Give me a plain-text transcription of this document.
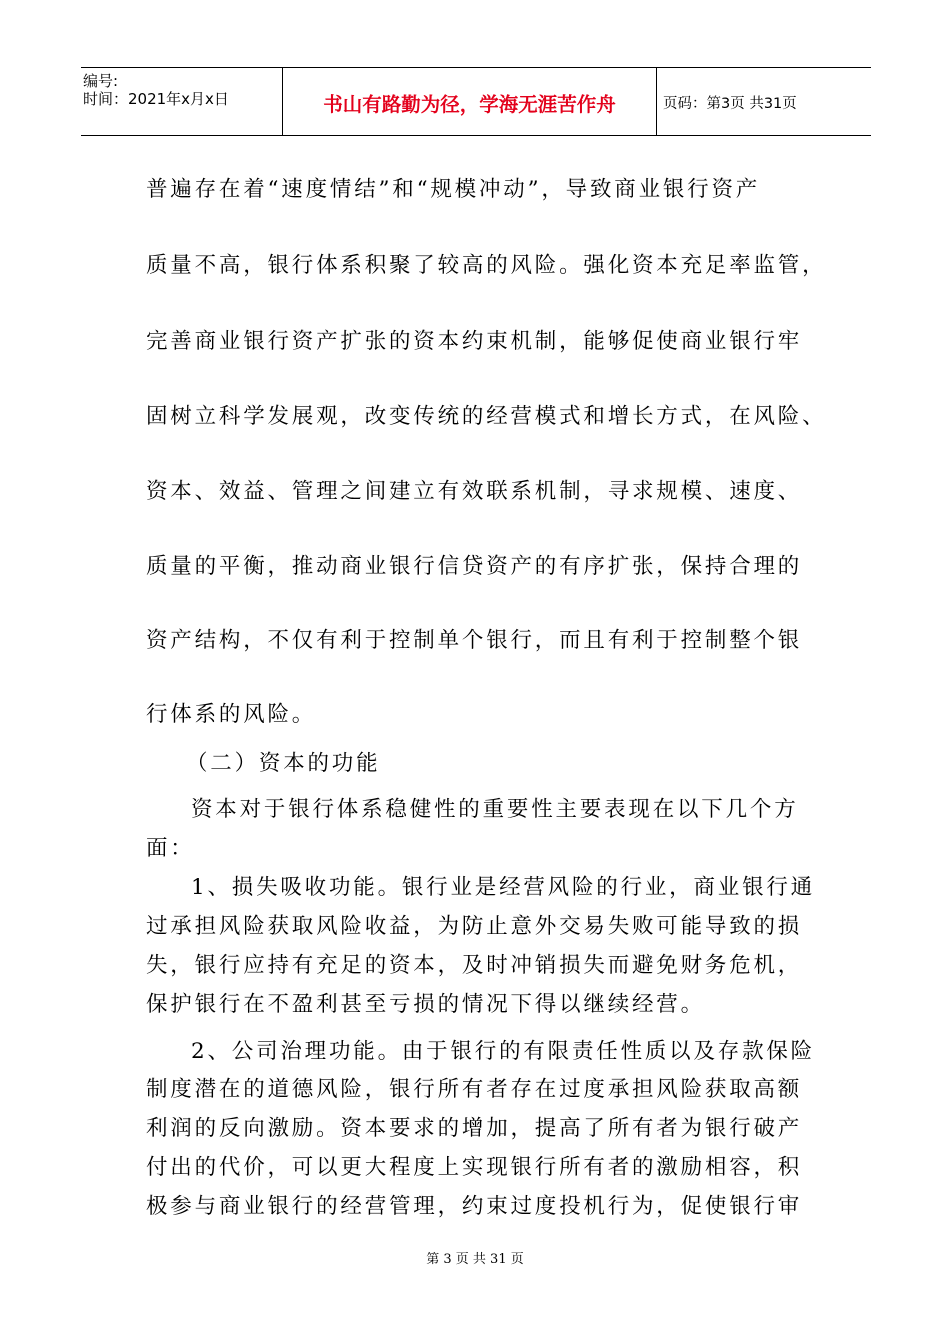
编号:
时间：2021年x月x日	书山有路勤为径，学海无涯苦作舟	页码：第3页 共31页
普遍存在着“速度情结”和“规模冲动”，导致商业银行资产
质量不高，银行体系积聚了较高的风险。强化资本充足率监管，
完善商业银行资产扩张的资本约束机制，能够促使商业银行牢
固树立科学发展观，改变传统的经营模式和增长方式，在风险、
资本、效益、管理之间建立有效联系机制，寻求规模、速度、
质量的平衡，推动商业银行信贷资产的有序扩张，保持合理的
资产结构，不仅有利于控制单个银行，而且有利于控制整个银
行体系的风险。
（二）资本的功能
资本对于银行体系稳健性的重要性主要表现在以下几个方
面：
1、损失吸收功能。银行业是经营风险的行业，商业银行通
过承担风险获取风险收益，为防止意外交易失败可能导致的损
失，银行应持有充足的资本，及时冲销损失而避免财务危机，
保护银行在不盈利甚至亏损的情况下得以继续经营。
2、公司治理功能。由于银行的有限责任性质以及存款保险
制度潜在的道德风险，银行所有者存在过度承担风险获取高额
利润的反向激励。资本要求的增加，提高了所有者为银行破产
付出的代价，可以更大程度上实现银行所有者的激励相容，积
极参与商业银行的经营管理，约束过度投机行为，促使银行审
第 3 页 共 31 页
